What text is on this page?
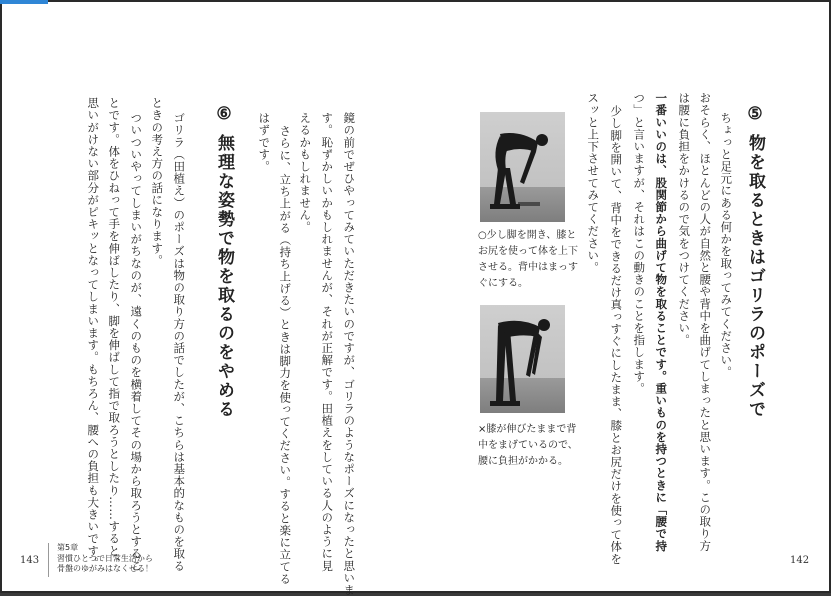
⑤ 物を取るときはゴリラのポーズで
ちょっと足元にある何かを取ってみてください。
おそらく、ほとんどの人が自然と腰や背中を曲げてしまったと思います。この取り方
は腰に負担をかけるので気をつけてください。
一番いいのは、股関節から曲げて物を取ることです。重いものを持つときに「腰で持
つ」と言いますが、それはこの動きのことを指します。
少し脚を開いて、背中をできるだけ真っすぐにしたまま、膝とお尻だけを使って体を
スッと上下させてみてください。
○少し脚を開き、膝とお尻を使って体を上下させる。背中はまっすぐにする。
×膝が伸びたままで背中をまげているので、腰に負担がかかる。
142
鏡の前でぜひやってみていただきたいのですが、ゴリラのようなポーズになったと思いま
す。恥ずかしいかもしれませんが、それが正解です。田植えをしている人のように見
えるかもしれません。
さらに、立ち上がる（持ち上げる）ときは脚力を使ってください。すると楽に立てる
はずです。
⑥ 無理な姿勢で物を取るのをやめる
ゴリラ（田植え）のポーズは物の取り方の話でしたが、こちらは基本的なものを取る
ときの考え方の話になります。
ついついやってしまいがちなのが、遠くのものを横着してその場から取ろうとするこ
とです。体をひねって手を伸ばしたり、脚を伸ばして指で取ろうとしたり……すると、
思いがけない部分がピキッとなってしまいます。もちろん、腰への負担も大きいです。
143
第5章
習慣ひとつで日常生活から
骨盤のゆがみはなくせる！
